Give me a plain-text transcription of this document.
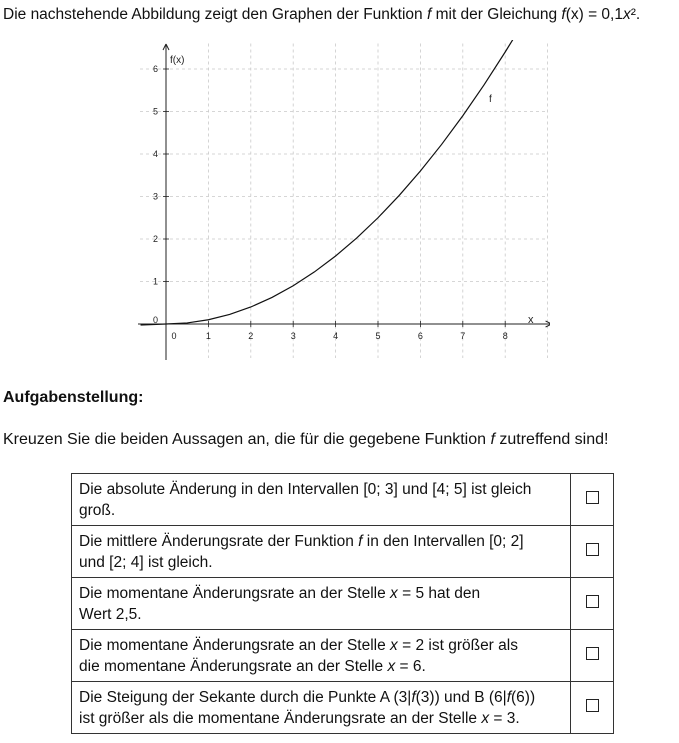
Die nachstehende Abbildung zeigt den Graphen der Funktion f mit der Gleichung f(x) = 0,1x².
0	1	2	3	4	5	6	7	8
1
2
3
4
5
6
f(x)
x
f
0
Aufgabenstellung:
Kreuzen Sie die beiden Aussagen an, die für die gegebene Funktion f zutreffend sind!
Die absolute Änderung in den Intervallen [0; 3] und [4; 5] ist gleich
groß.	
Die mittlere Änderungsrate der Funktion f in den Intervallen [0; 2]
und [2; 4] ist gleich.	
Die momentane Änderungsrate an der Stelle x = 5 hat den
Wert 2,5.	
Die momentane Änderungsrate an der Stelle x = 2 ist größer als
die momentane Änderungsrate an der Stelle x = 6.	
Die Steigung der Sekante durch die Punkte A (3|f(3)) und B (6|f(6))
ist größer als die momentane Änderungsrate an der Stelle x = 3.	
